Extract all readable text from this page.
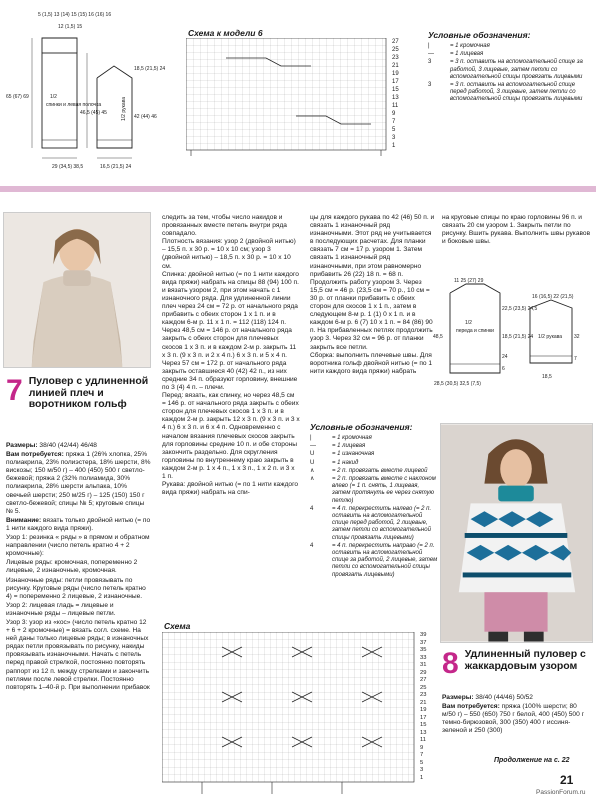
5 (1,5) 13 (14) 15 (15) 16 (16) 16
12 (1,5) 15
65 (67) 69	1/2
спинки и левая полочка
46,5 (45) 45
18,5 (21,5) 24
42 (44) 46
1/2 рукава
29 (34,5) 38,5	16,5 (21,5) 24
Схема к модели 6
27
25
23
21
19
17
15
13
11
9
7
5
3
1
Условные обозначения:
|	= 1 кромочная
—	= 1 лицевая
3	= 3 п. оставить на вспомогательной спице за работой, 3 лицевые, затем петли со вспомогательной спицы провязать лицевыми
3	= 3 п. оставить на вспомогательной спице перед работой, 3 лицевые, затем петли со вспомогательной спицы провязать лицевыми
7 Пуловер с удлиненной линией плеч и воротником гольф

Размеры: 38/40 (42/44) 46/48

Вам потребуется: пряжа 1 (26% хлопка, 25% полиакрила, 23% полиэстера, 18% шерсти, 8% вискозы; 150 м/50 г) – 400 (450) 500 г светло-бежевой; пряжа 2 (32% полиамида, 30% полиакрила, 28% шерсти альпака, 10% овечьей шерсти; 250 м/25 г) – 125 (150) 150 г светло-бежевой; спицы № 5; круговые спицы № 5.

Внимание: вязать только двойной нитью (= по 1 нити каждого вида пряжи).

Узор 1: резинка « ряды » в прямом и обратном направлении (число петель кратно 4 + 2 кромочные):

Лицевые ряды: кромочная, попеременно 2 лицевые, 2 изнаночные, кромочная.

Изнаночные ряды: петли провязывать по рисунку. Круговые ряды (число петель кратно 4) = попеременно 2 лицевые, 2 изнаночные.

Узор 2: лицевая гладь = лицевые и изнаночные ряды – лицевые петли.

Узор 3: узор из «кос» (число петель кратно 12 + 6 + 2 кромочные) = вязать согл. схеме. На ней даны только лицевые ряды; в изнаночных рядах петли провязывать по рисунку, накиды провязывать изнаночными. Начать с петель перед правой стрелкой, постоянно повторять раппорт из 12 п. между стрелками и закончить петлями после левой стрелки. Постоянно повторять 1–40-й р. При выполнении прибавок

следить за тем, чтобы число накидов и провязанных вместе петель внутри ряда совпадало.
Плотность вязания: узор 2 (двойной нитью) – 15,5 п. х 30 р. = 10 х 10 см; узор 3 (двойной нитью) – 18,5 п. х 30 р. = 10 х 10 см.
Спинка: двойной нитью (= по 1 нити каждого вида пряжи) набрать на спицы 88 (94) 100 п. и вязать узором 2, при этом начать с 1 изнаночного ряда. Для удлиненной линии плеч через 24 см = 72 р. от начального ряда прибавить с обеих сторон 1 х 1 п. и в каждом 6-м р. 11 х 1 п. = 112 (118) 124 п. Через 48,5 см = 146 р. от начального ряда закрыть с обеих сторон для плечевых скосов 1 х 3 п. и в каждом 2-м р. закрыть 11 х 3 п. (9 х 3 п. и 2 х 4 п.) 6 х 3 п. и 5 х 4 п. Через 57 см = 172 р. от начального ряда закрыть оставшиеся 40 (42) 42 п., из них средние 34 п. образуют горловину, внешние по 3 (4) 4 п. – плечи.
Перед: вязать, как спинку, но через 48,5 см = 146 р. от начального ряда закрыть с обеих сторон для плечевых скосов 1 х 3 п. и в каждом 2-м р. закрыть 12 х 3 п. (9 х 3 п. и 3 х 4 п.) 6 х 3 п. и 6 х 4 п. Одновременно с началом вязания плечевых скосов закрыть для горловины средние 10 п. и обе стороны закончить раздельно. Для скругления горловины по внутреннему краю закрыть в каждом 2-м р. 1 х 4 п., 1 х 3 п., 1 х 2 п. и 3 х 1 п.
Рукава: двойной нитью (= по 1 нити каждого вида пряжи) набрать на спи-
цы для каждого рукава по 42 (46) 50 п. и связать 1 изнаночный ряд изнаночными. Этот ряд не учитывается в последующих расчетах. Для планки связать 7 см = 17 р. узором 1. Затем связать 1 изнаночный ряд изнаночными, при этом равномерно прибавить 26 (22) 18 п. = 68 п. Продолжить работу узором 3. Через 15,5 см = 46 р. (23,5 см = 70 р., 10 см = 30 р. от планки прибавить с обеих сторон для скосов 1 х 1 п., затем в следующем 8-м р. 1 (1) 0 х 1 п. и в каждом 6-м р. 6 (7) 10 х 1 п. = 84 (86) 90 п. На прибавленных петлях продолжить узор 3. Через 32 см = 96 р. от планки закрыть все петли.
Сборка: выполнить плечевые швы. Для воротника гольф двойной нитью (= по 1 нити каждого вида пряжи) набрать
на круговые спицы по краю горловины 96 п. и связать 20 см узором 1. Закрыть петли по рисунку. Вшить рукава. Выполнить швы рукавов и боковые швы.
11 25 (27) 29
1/2
переда и спинки
48,5
22,5 (23,5) 24,5
18,5 (21,5) 24
24
6
28,5 (30,5) 32,5 (7,5)
16 (16,5) 22 (21,5)
1/2 рукава 32
7
18,5
Условные обозначения:
|	= 1 кромочная
—	= 1 лицевая
U	= 1 изнаночная
U	= 1 накид
∧	= 2 п. провязать вместе лицевой
∧	= 2 п. провязать вместе с наклоном влево (= 1 п. снять, 1 лицевая, затем протянуть ее через снятую петлю)
4	= 4 п. перекрестить налево (= 2 п. оставить на вспомогательной спице перед работой, 2 лицевые, затем петли со вспомогательной спицы провязать лицевыми)
4	= 4 п. перекрестить направо (= 2 п. оставить на вспомогательной спице за работой, 2 лицевые, затем петли со вспомогательной спицы провязать лицевыми)
Схема
39
37
35
33
31
29
27
25
23
21
19
17
15
13
11
9
7
5
3
1
8 Удлиненный пуловер с жаккардовым узором

Размеры: 38/40 (44/46) 50/52

Вам потребуется: пряжа (100% шерсти; 80 м/50 г) – 550 (650) 750 г белой, 400 (450) 500 г темно-бирюзовой, 300 (350) 400 г иссиня-зеленой и 250 (300)

Продолжение на с. 22
21
PassionForum.ru
